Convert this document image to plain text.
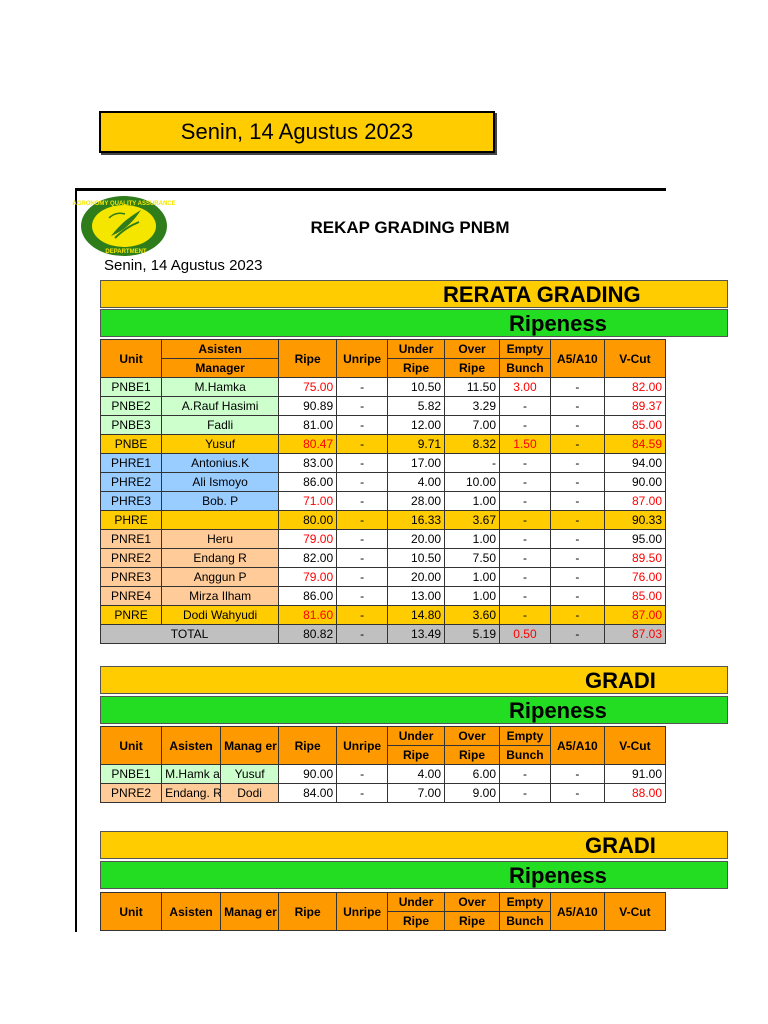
Senin, 14 Agustus 2023
AGRONOMY QUALITY ASSURANCE
DEPARTMENT
REKAP GRADING PNBM
Senin, 14 Agustus 2023
RERATA GRADING
Ripeness
Unit	Asisten	Ripe	Unripe	Under	Over	Empty	A5/A10	V-Cut
	Manager			Ripe	Ripe	Bunch		
PNBE1	M.Hamka	75.00	-	10.50	11.50	3.00	-	82.00
PNBE2	A.Rauf Hasimi	90.89	-	5.82	3.29	-	-	89.37
PNBE3	Fadli	81.00	-	12.00	7.00	-	-	85.00
PNBE	Yusuf	80.47	-	9.71	8.32	1.50	-	84.59
PHRE1	Antonius.K	83.00	-	17.00	-	-	-	94.00
PHRE2	Ali Ismoyo	86.00	-	4.00	10.00	-	-	90.00
PHRE3	Bob. P	71.00	-	28.00	1.00	-	-	87.00
PHRE		80.00	-	16.33	3.67	-	-	90.33
PNRE1	Heru	79.00	-	20.00	1.00	-	-	95.00
PNRE2	Endang R	82.00	-	10.50	7.50	-	-	89.50
PNRE3	Anggun P	79.00	-	20.00	1.00	-	-	76.00
PNRE4	Mirza Ilham	86.00	-	13.00	1.00	-	-	85.00
PNRE	Dodi Wahyudi	81.60	-	14.80	3.60	-	-	87.00
TOTAL		80.82	-	13.49	5.19	0.50	-	87.03
GRADI
Ripeness
Unit	Asisten	Manag er	Ripe	Unripe	Under	Over	Empty	A5/A10	V-Cut
					Ripe	Ripe	Bunch		
PNBE1	M.Hamk a	Yusuf	90.00	-	4.00	6.00	-	-	91.00
PNRE2	Endang. R	Dodi	84.00	-	7.00	9.00	-	-	88.00
GRADI
Ripeness
Unit	Asisten	Manag er	Ripe	Unripe	Under	Over	Empty	A5/A10	V-Cut
					Ripe	Ripe	Bunch		
